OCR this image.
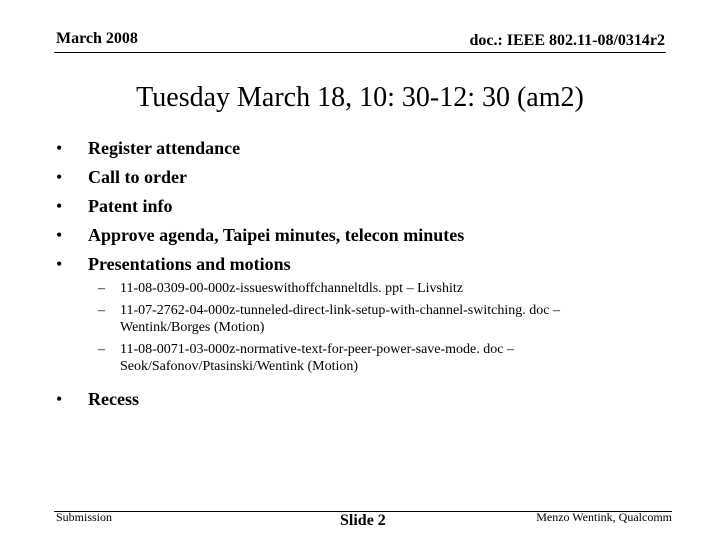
March 2008	doc.: IEEE 802.11-08/0314r2
Tuesday March 18, 10: 30-12: 30 (am2)
• Register attendance
• Call to order
• Patent info
• Approve agenda, Taipei minutes, telecon minutes
• Presentations and motions
– 11-08-0309-00-000z-issueswithoffchanneltdls. ppt – Livshitz
– 11-07-2762-04-000z-tunneled-direct-link-setup-with-channel-switching. doc – Wentink/Borges (Motion)
– 11-08-0071-03-000z-normative-text-for-peer-power-save-mode. doc – Seok/Safonov/Ptasinski/Wentink (Motion)
• Recess
Submission	Slide 2	Menzo Wentink, Qualcomm
